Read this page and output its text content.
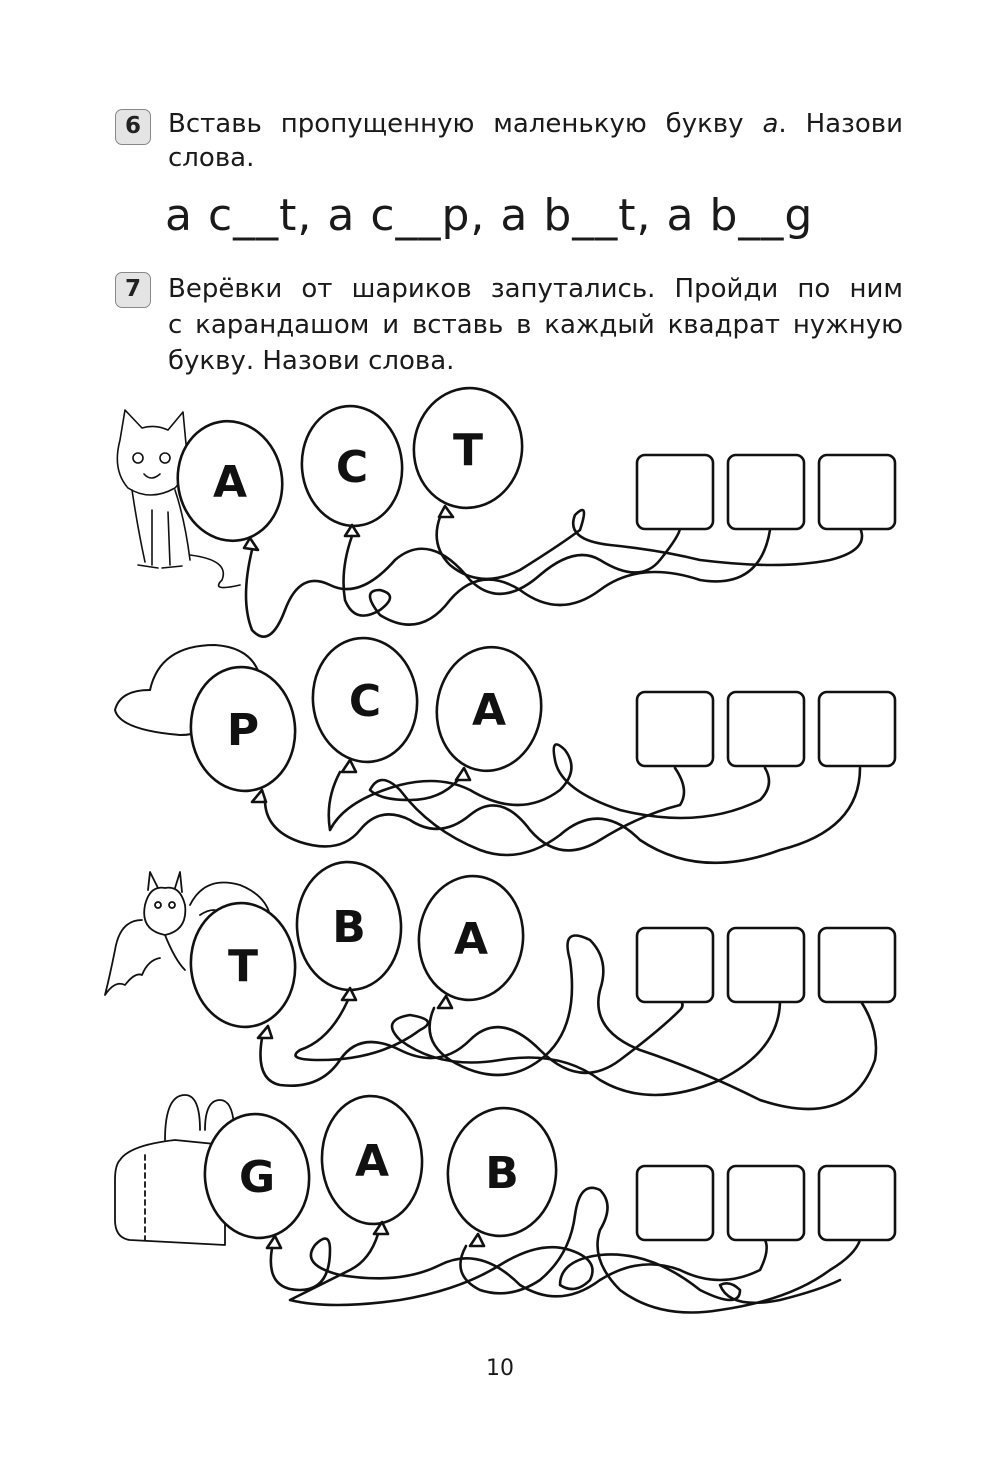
6	Вставь пропущенную маленькую букву a. Назови
слова.
a c__t, a c__p, a b__t, a b__g
7	Верёвки от шариков запутались. Пройди по ним
с карандашом и вставь в каждый квадрат нужную
букву. Назови слова.
A C T
P
C A
T
B A
G A B
10
